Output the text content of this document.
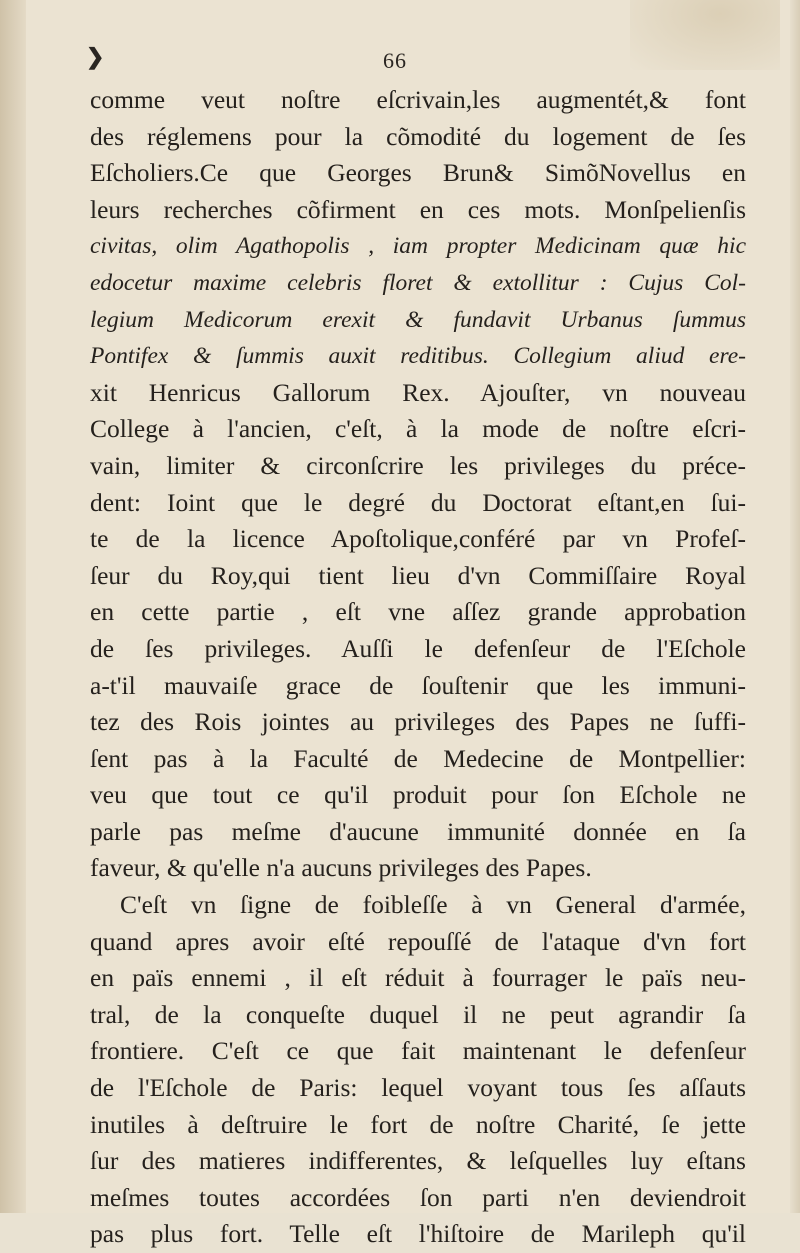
❯	66
comme veut noſtre eſcrivain,les augmentét,& font
des réglemens pour la cõmodité du logement de ſes
Eſcholiers.Ce que Georges Brun& SimõNovellus en
leurs recherches cõfirment en ces mots. Monſpelienſis
civitas, olim Agathopolis , iam propter Medicinam quæ hic
edocetur maxime celebris floret & extollitur : Cujus Col-
legium Medicorum erexit & fundavit Urbanus ſummus
Pontifex & ſummis auxit reditibus. Collegium aliud ere-
xit Henricus Gallorum Rex. Ajouſter, vn nouveau
College à l'ancien, c'eſt, à la mode de noſtre eſcri-
vain, limiter & circonſcrire les privileges du préce-
dent: Ioint que le degré du Doctorat eſtant,en ſui-
te de la licence Apoſtolique,conféré par vn Profeſ-
ſeur du Roy,qui tient lieu d'vn Commiſſaire Royal
en cette partie , eſt vne aſſez grande approbation
de ſes privileges. Auſſi le defenſeur de l'Eſchole
a-t'il mauvaiſe grace de ſouſtenir que les immuni-
tez des Rois jointes au privileges des Papes ne ſuffi-
ſent pas à la Faculté de Medecine de Montpellier:
veu que tout ce qu'il produit pour ſon Eſchole ne
parle pas meſme d'aucune immunité donnée en ſa
faveur, & qu'elle n'a aucuns privileges des Papes.
C'eſt vn ſigne de foibleſſe à vn General d'armée,
quand apres avoir eſté repouſſé de l'ataque d'vn fort
en païs ennemi , il eſt réduit à fourrager le païs neu-
tral, de la conqueſte duquel il ne peut agrandir ſa
frontiere. C'eſt ce que fait maintenant le defenſeur
de l'Eſchole de Paris: lequel voyant tous ſes aſſauts
inutiles à deſtruire le fort de noſtre Charité, ſe jette
ſur des matieres indifferentes, & leſquelles luy eſtans
meſmes toutes accordées ſon parti n'en deviendroit
pas plus fort. Telle eſt l'hiſtoire de Marileph qu'il
